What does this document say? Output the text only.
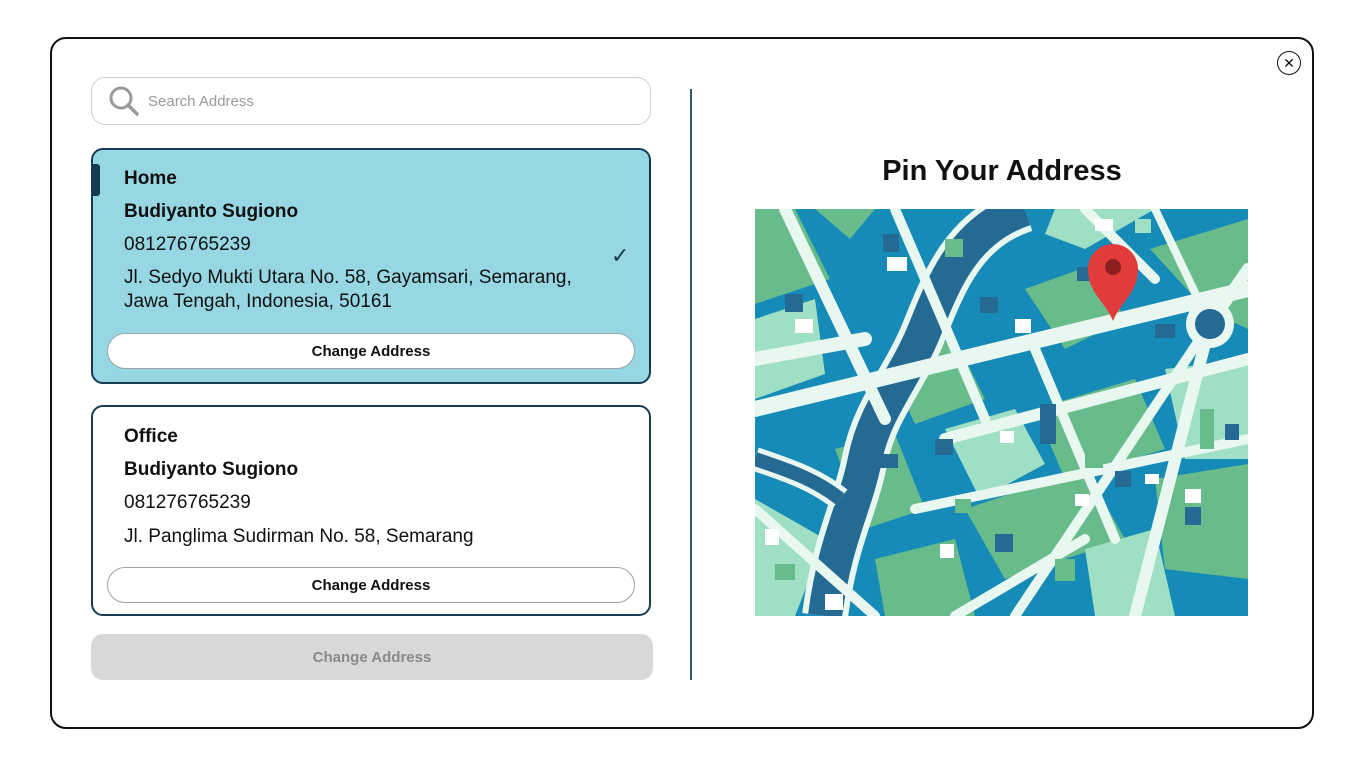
✕
Search Address
Home
Budiyanto Sugiono
081276765239
Jl. Sedyo Mukti Utara No. 58, Gayamsari, Semarang, Jawa Tengah, Indonesia, 50161
✓
Change Address
Office
Budiyanto Sugiono
081276765239
Jl. Panglima Sudirman No. 58, Semarang
Change Address
Change Address
Pin Your Address
